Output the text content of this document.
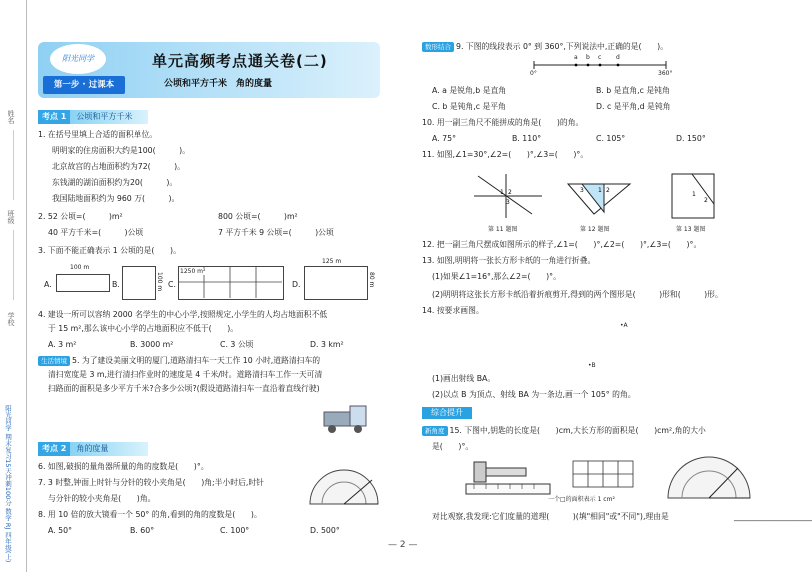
姓名
班级
学校
阳光同学 期末复习15天冲刺100分 数学 RJ 四年级(上)
阳光同学
第一步 · 过课本
单元高频考点通关卷(二)
公顷和平方千米　角的度量
考点 1 公顷和平方千米
1. 在括号里填上合适的面积单位。
明明家的住房面积大约是100(　　　)。
北京故宫的占地面积约为72(　　　)。
东钱湖的湖泊面积约为20(　　　)。
我国陆地面积约为 960 万(　　　)。
2. 52 公顷=(　　　)m²	800 公顷=(　　　)m²
40 平方千米=(　　　)公顷	7 平方千米 9 公顷=(　　　)公顷
3. 下面不能正确表示 1 公顷的是(　　)。
A.
100 m
B.	100 m C.
1250 m²
D.
125 m
80 m
4. 建设一所可以容纳 2000 名学生的中心小学,按照规定,小学生的人均占地面积不低
于 15 m²,那么该中心小学的占地面积应不低于(　　)。
A. 3 m²	B. 3000 m²	C. 3 公顷	D. 3 km²
生活情境 5. 为了建设美丽文明的厦门,道路清扫车一天工作 10 小时,道路清扫车的
清扫宽度是 3 m,进行清扫作业时的速度是 4 千米/时。道路清扫车工作一天可清
扫路面的面积是多少平方千米?合多少公顷?(假设道路清扫车一直沿着直线行驶)
考点 2 角的度量
6. 如图,破损的量角器所量的角的度数是(　　)°。
7. 3 时整,钟面上时针与分针的较小夹角是(　　)角;半小时后,时针
与分针的较小夹角是(　　)角。
8. 用 10 倍的放大镜看一个 50° 的角,看到的角的度数是(　　)。
A. 50°	B. 60°	C. 100°	D. 500°
数形结合 9. 下图的线段表示 0° 到 360°,下列说法中,正确的是(　　)。
0°
a b c d
360°
A. a 是锐角,b 是直角	B. b 是直角,c 是钝角
C. b 是钝角,c 是平角	D. c 是平角,d 是钝角
10. 用一副三角尺不能拼成的角是(　　)的角。
A. 75°	B. 110°	C. 105°	D. 150°
11. 如图,∠1=30°,∠2=(　　)°,∠3=(　　)°。
1 2
3
3	2
1
2
1
第 11 题图	第 12 题图	第 13 题图
12. 把一副三角尺摆成如图所示的样子,∠1=(　　)°,∠2=(　　)°,∠3=(　　)°。
13. 如图,明明将一张长方形卡纸的一角进行折叠。
(1)如果∠1=16°,那么∠2=(　　)°。
(2)明明将这张长方形卡纸沿着折痕剪开,得到的两个图形是(　　　)形和(　　　)形。
14. 按要求画图。
•A
•B
(1)画出射线 BA。
(2)以点 B 为顶点、射线 BA 为一条边,画一个 105° 的角。
综合提升
新角度 15. 下图中,钥匙的长度是(　　)cm,大长方形的面积是(　　)cm²,角的大小
是(　　)°。
一个□的面积表示 1 cm²
对比观察,我发现:它们度量的道理(　　　)(填"相同"或"不同"),理由是	____________________
— 2 —
